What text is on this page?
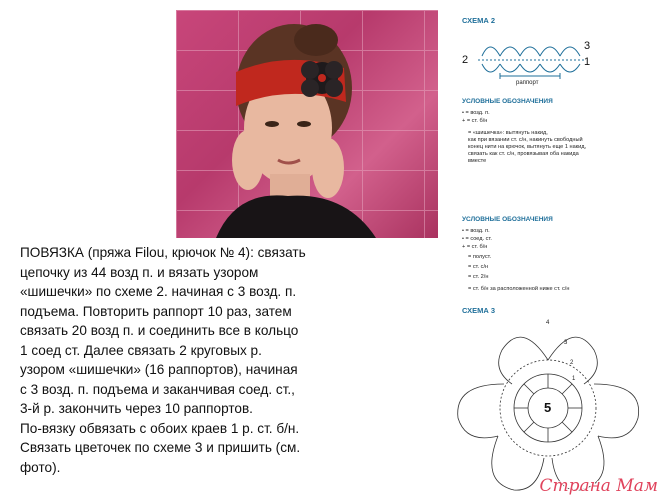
ПОВЯЗКА (пряжа Filou, крючок № 4): связать
цепочку из 44 возд п. и вязать узором
«шишечки» по схеме 2. начиная с 3 возд. п.
подъема. Повторить раппорт 10 раз, затем
связать 20 возд п. и соединить все в кольцо
1 соед ст. Далее связать 2 круговых р.
узором «шишечки» (16 раппортов), начиная
с 3 возд. п. подъема и заканчивая соед. ст.,
3-й р. закончить через 10 раппортов.
По-вязку обвязать с обоих краев 1 р. ст. б/н.
Связать цветочек по схеме 3 и пришить (см.
фото).
СХЕМА 2
2
3
1
раппорт
УСЛОВНЫЕ ОБОЗНАЧЕНИЯ
• = возд. п.
+ = ст. б/н
= «шишечка»: вытянуть накид,
как при вязании ст. с/н, накинуть свободный
конец нити на крючок, вытянуть еще 1 накид,
связать как ст. с/н, провязывая оба накида
вместе
УСЛОВНЫЕ ОБОЗНАЧЕНИЯ
• = возд. п.
• = соед. ст.
+ = ст. б/н
= полуст.
= ст. с/н
= ст. 2/н
= ст. б/н за расположенной ниже ст. с/н
СХЕМА 3
5
4
3
2
1
Страна Мам
